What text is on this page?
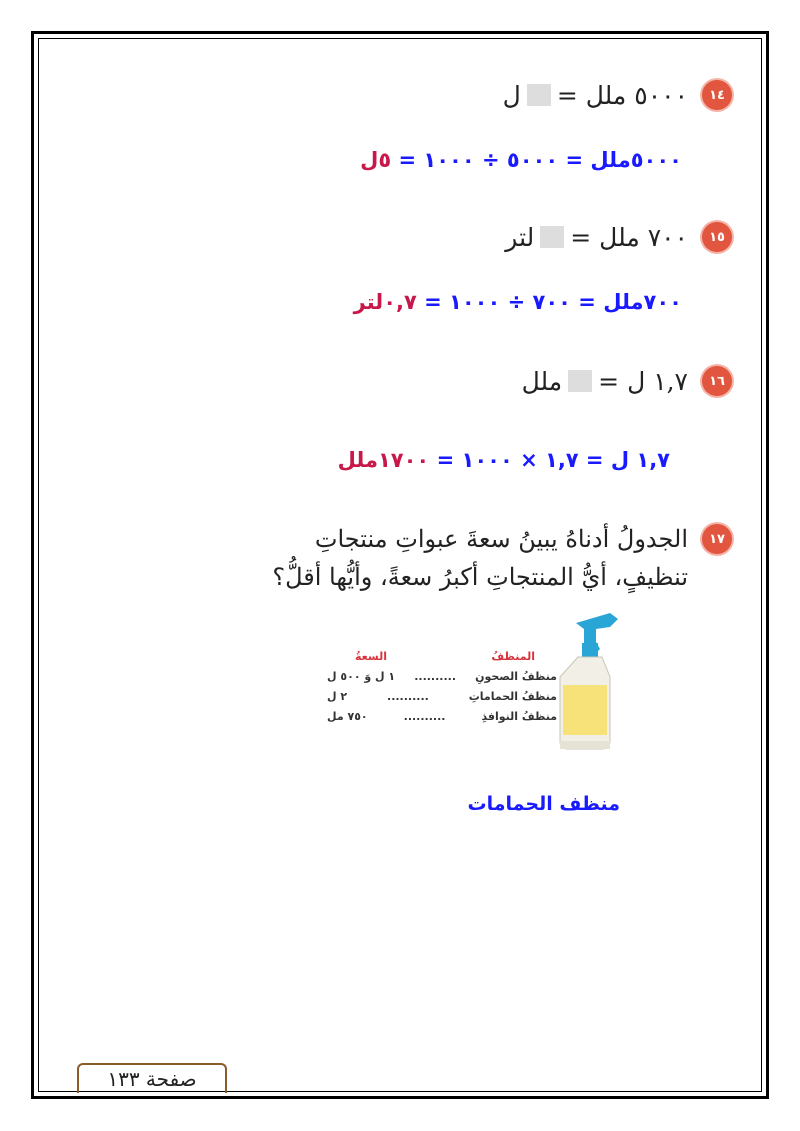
١٤
٥٠٠٠ ملل =
ل
٥٠٠٠ملل = ٥٠٠٠ ÷ ١٠٠٠ = ٥ل
١٥
٧٠٠ ملل =
لتر
٧٠٠ملل = ٧٠٠ ÷ ١٠٠٠ = ٠,٧لتر
١٦
١,٧ ل =
ملل
١,٧ ل = ١,٧ × ١٠٠٠ = ١٧٠٠ملل
١٧
الجدولُ أدناهُ يبينُ سعةَ عبواتِ منتجاتِ
تنظيفٍ، أيُّ المنتجاتِ أكبرُ سعةً، وأيُّها أقلُّ؟
المنظفُ
السعةُ
منظفُ الصحونِ
..........
١ ل وَ ٥٠٠ ل
منظفُ الحماماتِ
..........
٢ ل
منظفُ النوافذِ
..........
٧٥٠ مل
منظف الحمامات
صفحة ١٣٣
